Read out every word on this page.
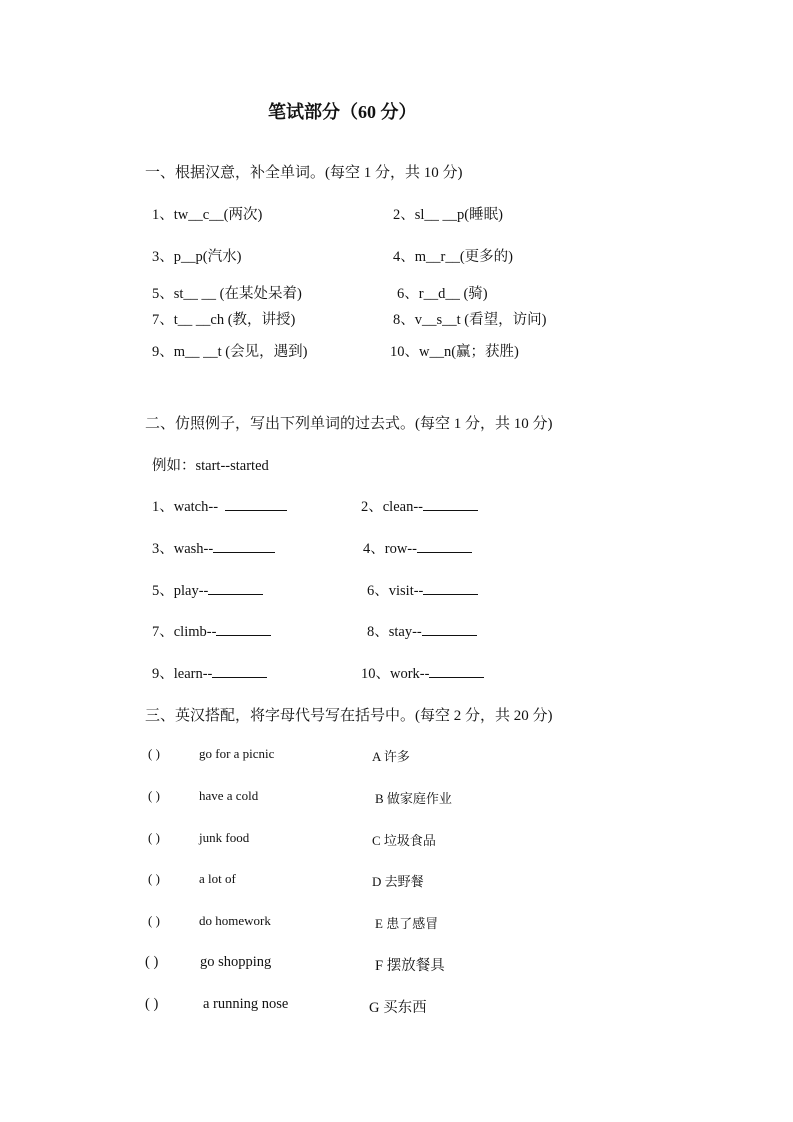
笔试部分（60 分）
一、根据汉意，补全单词。(每空 1 分，共 10 分)
1、tw__c__(两次)	2、sl__ __p(睡眠)
3、p__p(汽水)	4、m__r__(更多的)
5、st__ __ (在某处呆着)	6、r__d__ (骑)
7、t__ __ch (教，讲授)	8、v__s__t (看望，访问)
9、m__ __t (会见，遇到)	10、w__n(赢；获胜)
二、仿照例子，写出下列单词的过去式。(每空 1 分，共 10 分)
例如：start--started
1、watch--	2、clean--
3、wash--	4、row--
5、play--	6、visit--
7、climb--	8、stay--
9、learn--	10、work--
三、英汉搭配，将字母代号写在括号中。(每空 2 分，共 20 分)
( )	go for a picnic	A 许多
( )	have a cold	B 做家庭作业
( )	junk food	C 垃圾食品
( )	a lot of	D 去野餐
( )	do homework	E 患了感冒
( )	go shopping	F 摆放餐具
( )	a running nose	G 买东西
